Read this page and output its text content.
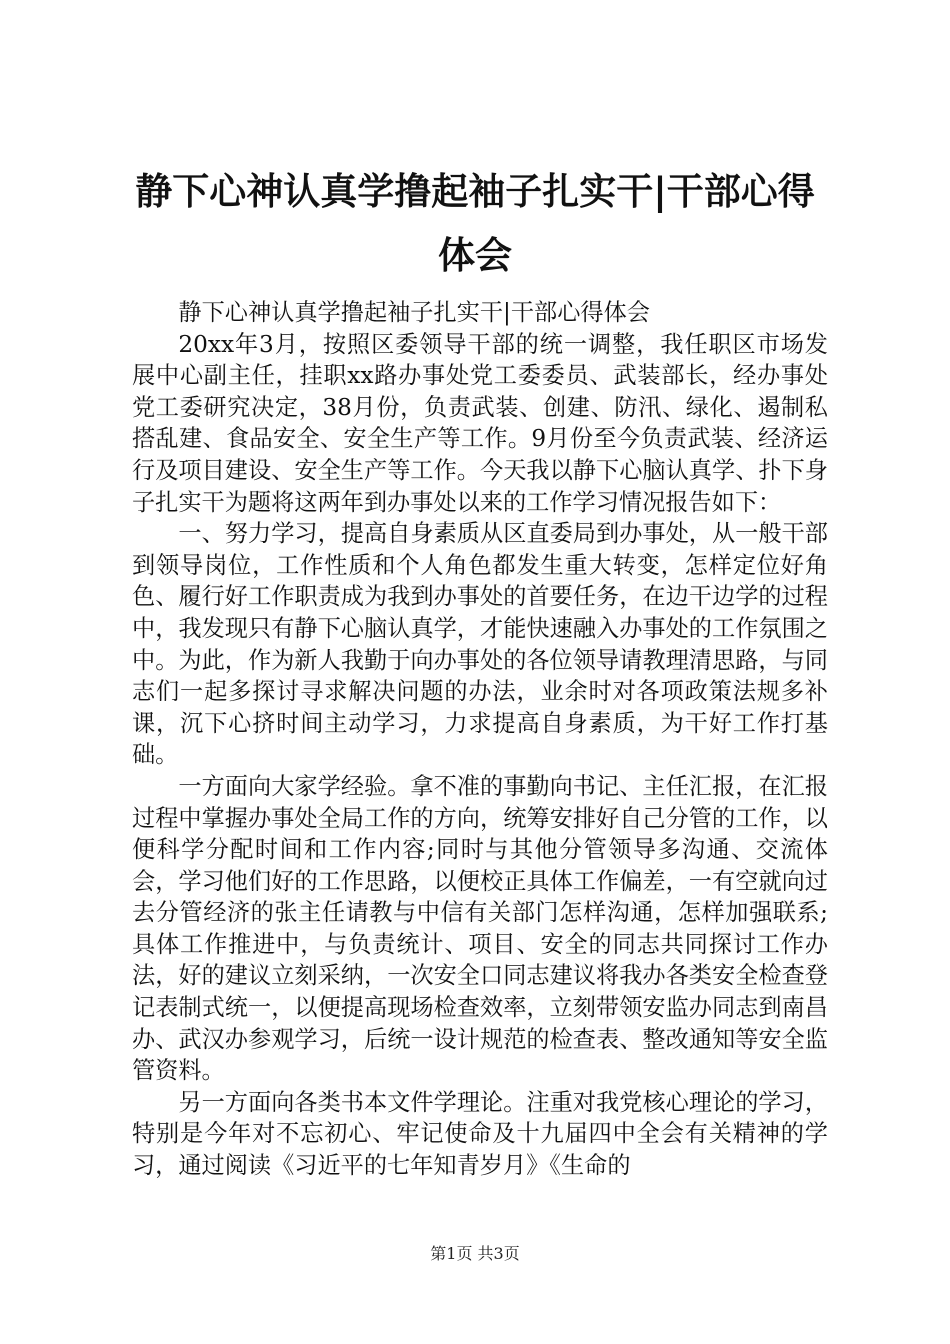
静下心神认真学撸起袖子扎实干|干部心得体会

静下心神认真学撸起袖子扎实干|干部心得体会

20xx年3月，按照区委领导干部的统一调整，我任职区市场发展中心副主任，挂职xx路办事处党工委委员、武装部长，经办事处党工委研究决定，38月份，负责武装、创建、防汛、绿化、遏制私搭乱建、食品安全、安全生产等工作。9月份至今负责武装、经济运行及项目建设、安全生产等工作。今天我以静下心脑认真学、扑下身子扎实干为题将这两年到办事处以来的工作学习情况报告如下：

一、努力学习，提高自身素质从区直委局到办事处，从一般干部到领导岗位，工作性质和个人角色都发生重大转变，怎样定位好角色、履行好工作职责成为我到办事处的首要任务，在边干边学的过程中，我发现只有静下心脑认真学，才能快速融入办事处的工作氛围之中。为此，作为新人我勤于向办事处的各位领导请教理清思路，与同志们一起多探讨寻求解决问题的办法，业余时对各项政策法规多补课，沉下心挤时间主动学习，力求提高自身素质，为干好工作打基础。

一方面向大家学经验。拿不准的事勤向书记、主任汇报，在汇报过程中掌握办事处全局工作的方向，统筹安排好自己分管的工作，以便科学分配时间和工作内容;同时与其他分管领导多沟通、交流体会，学习他们好的工作思路，以便校正具体工作偏差，一有空就向过去分管经济的张主任请教与中信有关部门怎样沟通，怎样加强联系;具体工作推进中，与负责统计、项目、安全的同志共同探讨工作办法，好的建议立刻采纳，一次安全口同志建议将我办各类安全检查登记表制式统一，以便提高现场检查效率，立刻带领安监办同志到南昌办、武汉办参观学习，后统一设计规范的检查表、整改通知等安全监管资料。

另一方面向各类书本文件学理论。注重对我党核心理论的学习，特别是今年对不忘初心、牢记使命及十九届四中全会有关精神的学习，通过阅读《习近平的七年知青岁月》《生命的

第1页 共3页
